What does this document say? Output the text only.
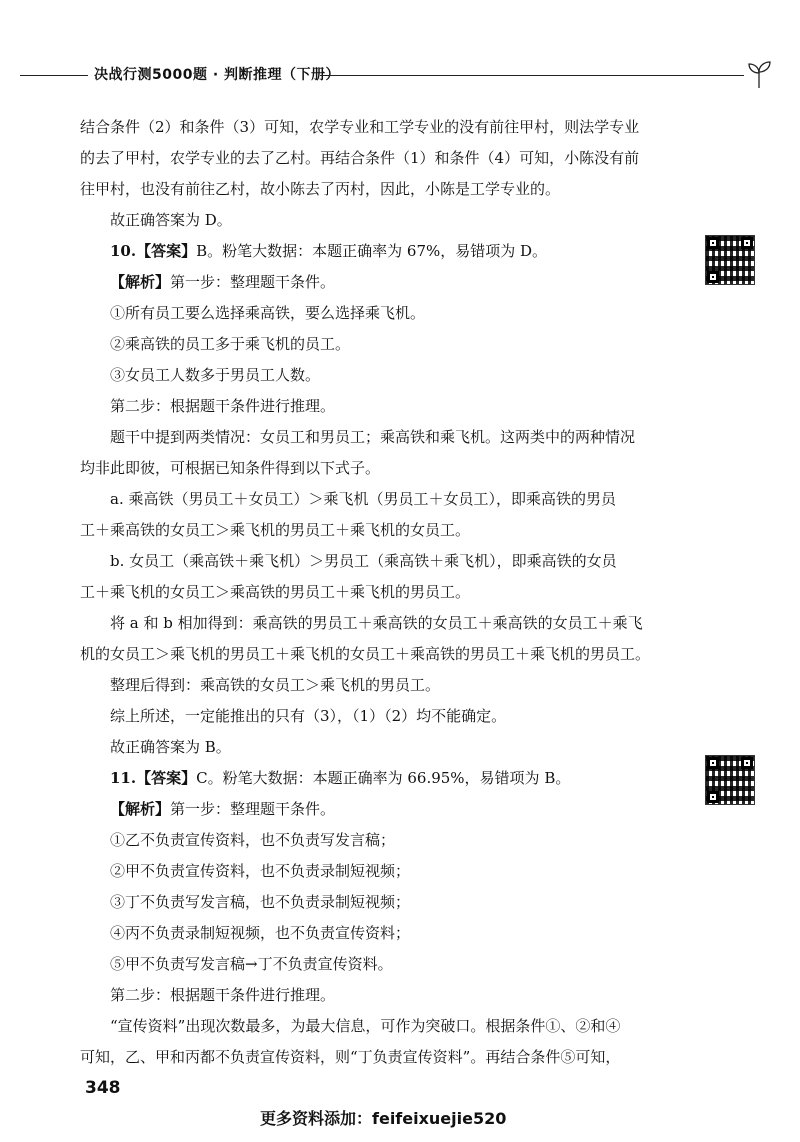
决战行测5000题 · 判断推理（下册）
结合条件（2）和条件（3）可知，农学专业和工学专业的没有前往甲村，则法学专业
的去了甲村，农学专业的去了乙村。再结合条件（1）和条件（4）可知，小陈没有前
往甲村，也没有前往乙村，故小陈去了丙村，因此，小陈是工学专业的。
故正确答案为 D。
10.【答案】B。粉笔大数据：本题正确率为 67%，易错项为 D。
【解析】第一步：整理题干条件。
①所有员工要么选择乘高铁，要么选择乘飞机。
②乘高铁的员工多于乘飞机的员工。
③女员工人数多于男员工人数。
第二步：根据题干条件进行推理。
题干中提到两类情况：女员工和男员工；乘高铁和乘飞机。这两类中的两种情况
均非此即彼，可根据已知条件得到以下式子。
a. 乘高铁（男员工＋女员工）＞乘飞机（男员工＋女员工），即乘高铁的男员
工＋乘高铁的女员工＞乘飞机的男员工＋乘飞机的女员工。
b. 女员工（乘高铁＋乘飞机）＞男员工（乘高铁＋乘飞机），即乘高铁的女员
工＋乘飞机的女员工＞乘高铁的男员工＋乘飞机的男员工。
将 a 和 b 相加得到：乘高铁的男员工＋乘高铁的女员工＋乘高铁的女员工＋乘飞
机的女员工＞乘飞机的男员工＋乘飞机的女员工＋乘高铁的男员工＋乘飞机的男员工。
整理后得到：乘高铁的女员工＞乘飞机的男员工。
综上所述，一定能推出的只有（3），（1）（2）均不能确定。
故正确答案为 B。
11.【答案】C。粉笔大数据：本题正确率为 66.95%，易错项为 B。
【解析】第一步：整理题干条件。
①乙不负责宣传资料，也不负责写发言稿；
②甲不负责宣传资料，也不负责录制短视频；
③丁不负责写发言稿，也不负责录制短视频；
④丙不负责录制短视频，也不负责宣传资料；
⑤甲不负责写发言稿→丁不负责宣传资料。
第二步：根据题干条件进行推理。
“宣传资料”出现次数最多，为最大信息，可作为突破口。根据条件①、②和④
可知，乙、甲和丙都不负责宣传资料，则“丁负责宣传资料”。再结合条件⑤可知，
348
更多资料添加：feifeixuejie520
